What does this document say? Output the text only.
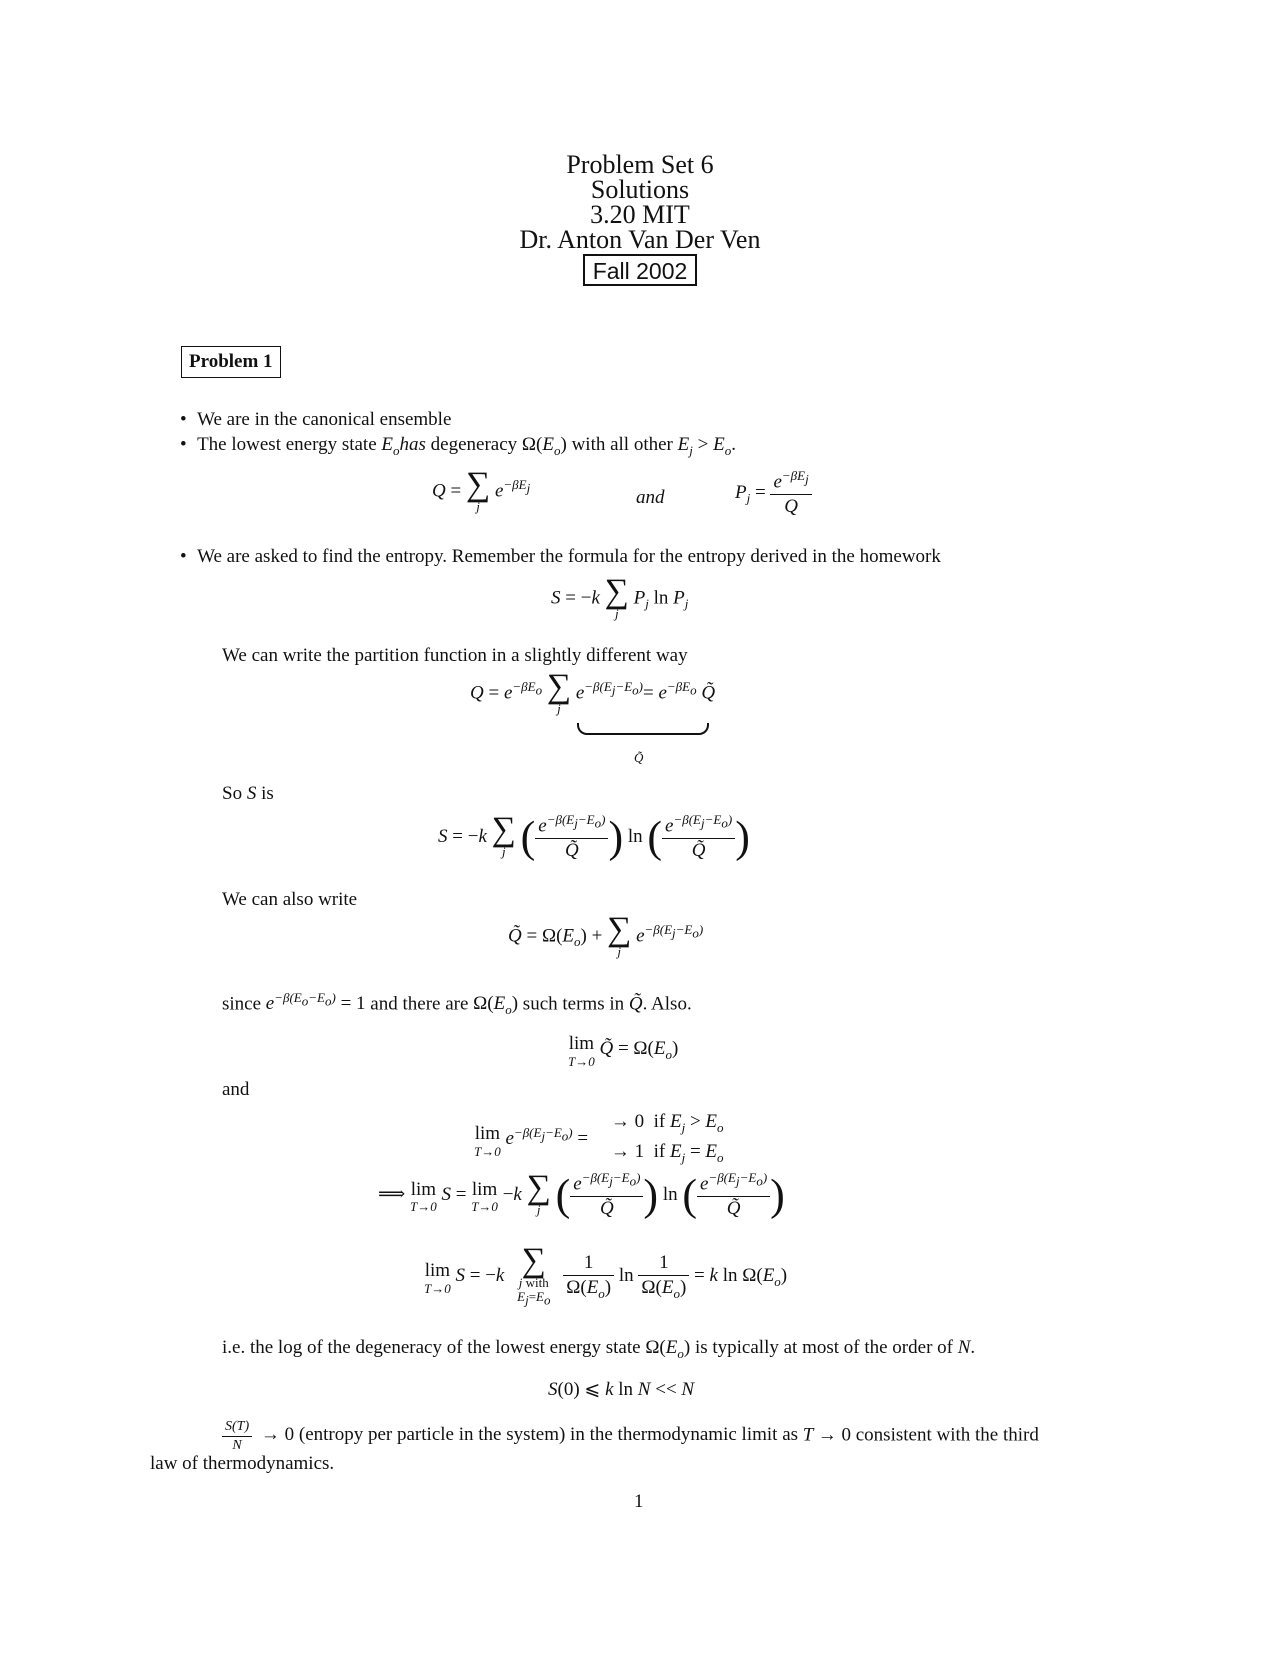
Problem Set 6
Solutions
3.20 MIT
Dr. Anton Van Der Ven
Fall 2002
Problem 1
• We are in the canonical ensemble
• The lowest energy state $E_ohas$ degeneracy $\Omega(E_o)$ with all other $E_j > E_o$.
Q = ∑
j
$e^{-\beta E_j}$	and	$P_j = \frac{e^{-\beta E_j}}{Q}$
• We are asked to find the entropy. Remember the formula for the entropy derived in the homework
S = −k ∑
j
$P_j$ $\ln P_j$
We can write the partition function in a slightly different way
$Q = e^{-\beta E_o}$ ∑
j
$e^{-\beta(E_j-E_o)}= e^{-\beta E_o}$ Q̃
Q̃
So S is
S = −k ∑
j ( $\frac{e^{-\beta(E_j-E_o)}}{Q̃}$ ) ln ( $\frac{e^{-\beta(E_j-E_o)}}{Q̃}$ )
We can also write
Q̃ = $\Omega(E_o)$ + ∑
j
$e^{-\beta(E_j-E_o)}$
since $e^{-\beta(E_o-E_o)} = 1$ and there are $\Omega(E_o)$ such terms in Q̃. Also.
lim
T→0
Q̃ = $\Omega(E_o)$
and
lim
T→0
$e^{-\beta(E_j-E_o)}$ = → 0 if $E_j > E_o$
→ 1 if $E_j = E_o$
⟹ lim
T→0
S = lim
T→0
−k ∑
j ( $\frac{e^{-\beta(E_j-E_o)}}{Q̃}$ ) ln ( $\frac{e^{-\beta(E_j-E_o)}}{Q̃}$ )
lim
T→0
S = −k ∑
j with
$E_j=E_o$
$\frac{1}{\Omega(E_o)}$ $\ln \frac{1}{\Omega(E_o)} = k$ $\ln \Omega(E_o)$
i.e. the log of the degeneracy of the lowest energy state $\Omega(E_o)$ is typically at most of the order of N.
S(0) ⩽ k ln N << N
$\frac{S(T)}{N} \to 0$ (entropy per particle in the system) in the thermodynamic limit as T → 0 consistent with the third
law of thermodynamics.
1
